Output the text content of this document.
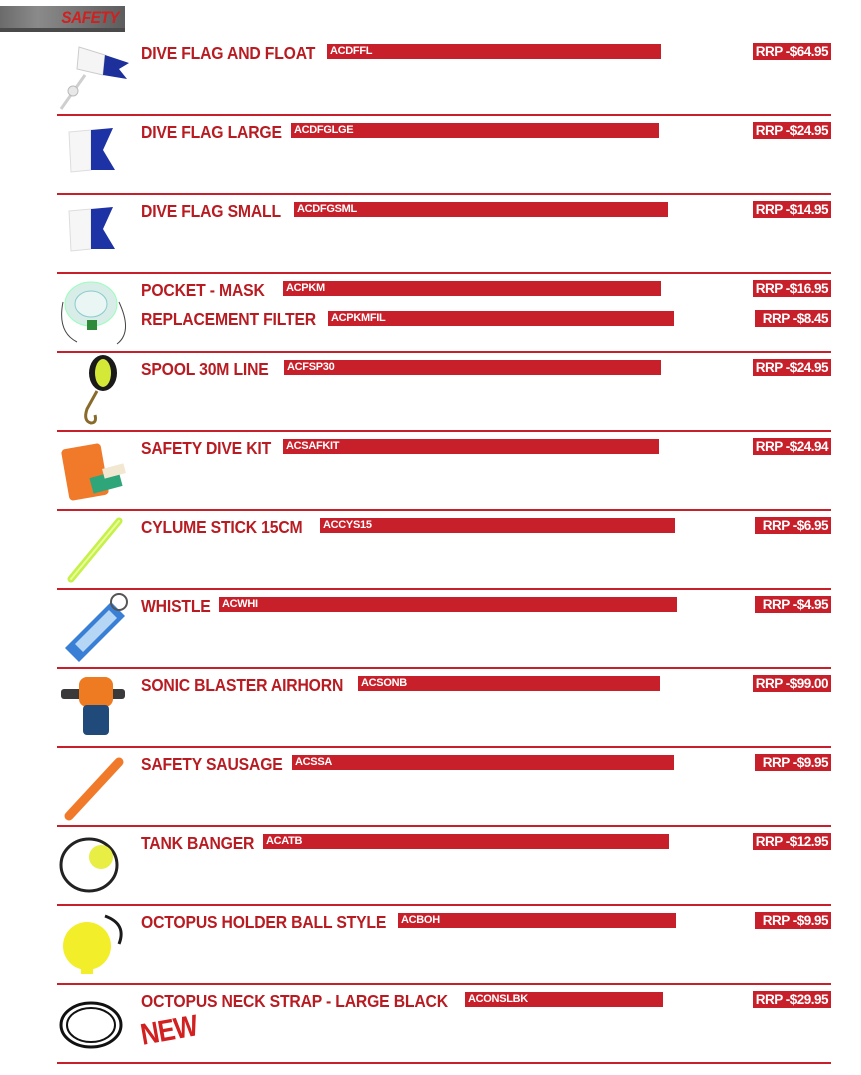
SAFETY
DIVE FLAG AND FLOAT ACDFFL	RRP -$64.95
DIVE FLAG LARGE ACDFGLGE	RRP -$24.95
DIVE FLAG SMALL ACDFGSML	RRP -$14.95
POCKET - MASK ACPKM	RRP -$16.95
REPLACEMENT FILTER ACPKMFIL	RRP -$8.45
SPOOL 30M LINE ACFSP30	RRP -$24.95
SAFETY DIVE KIT ACSAFKIT	RRP -$24.94
CYLUME STICK 15CM ACCYS15	RRP -$6.95
WHISTLE ACWHI	RRP -$4.95
SONIC BLASTER AIRHORN ACSONB	RRP -$99.00
SAFETY SAUSAGE ACSSA	RRP -$9.95
TANK BANGER ACATB	RRP -$12.95
OCTOPUS HOLDER BALL STYLE ACBOH	RRP -$9.95
OCTOPUS NECK STRAP - LARGE BLACK ACONSLBK	RRP -$29.95
NEW
